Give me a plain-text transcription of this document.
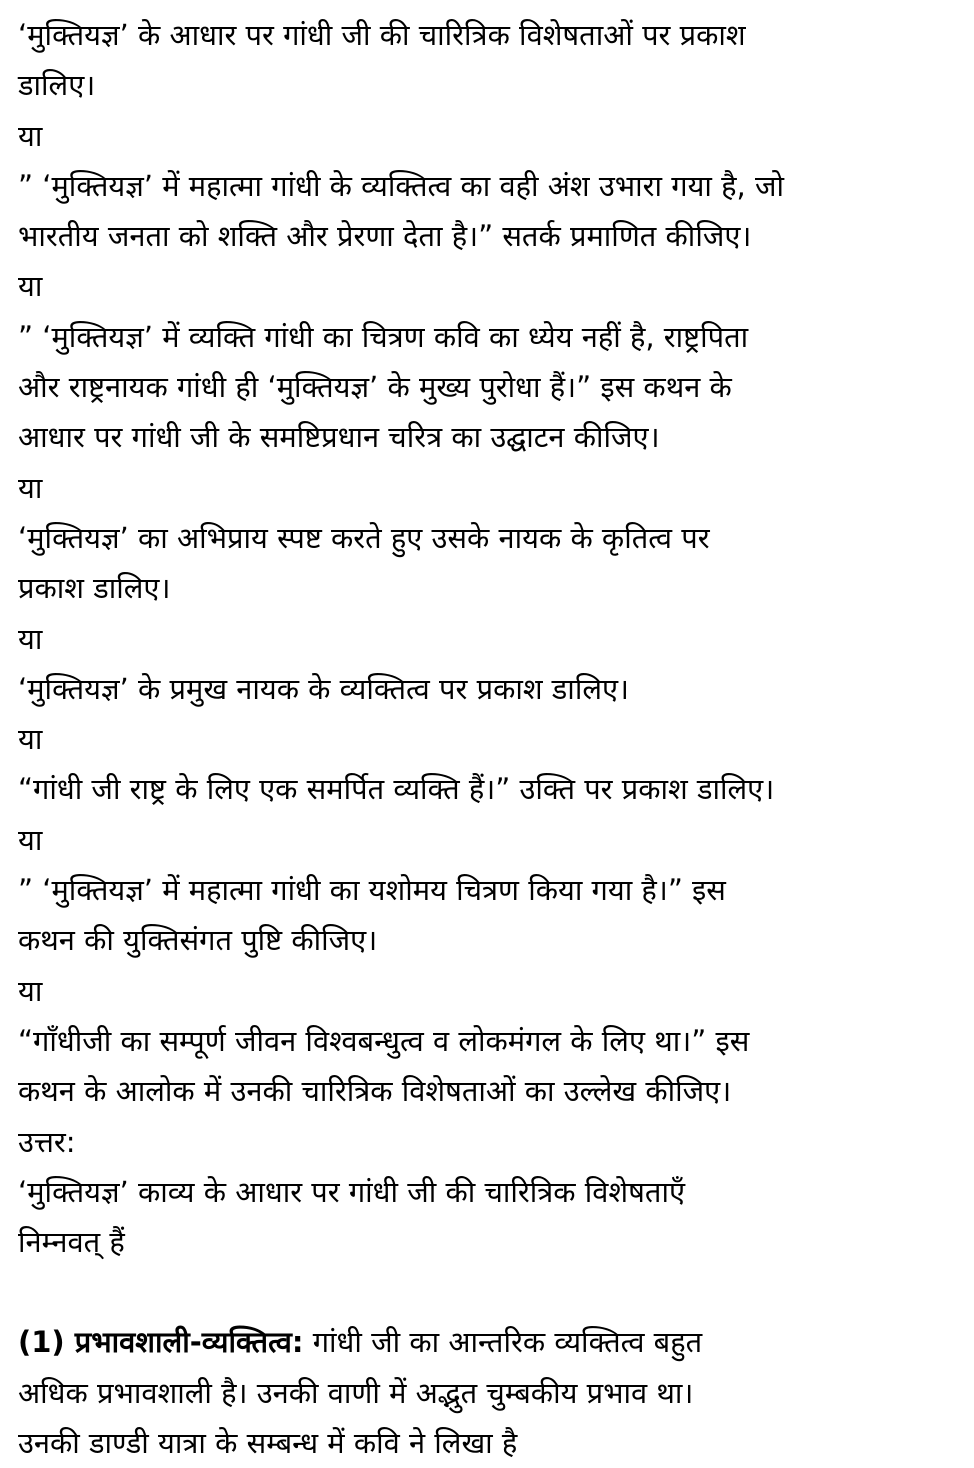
‘मुक्तियज्ञ’ के आधार पर गांधी जी की चारित्रिक विशेषताओं पर प्रकाश

डालिए।

या

” ‘मुक्तियज्ञ’ में महात्मा गांधी के व्यक्तित्व का वही अंश उभारा गया है, जो

भारतीय जनता को शक्ति और प्रेरणा देता है।” सतर्क प्रमाणित कीजिए।

या

” ‘मुक्तियज्ञ’ में व्यक्ति गांधी का चित्रण कवि का ध्येय नहीं है, राष्ट्रपिता

और राष्ट्रनायक गांधी ही ‘मुक्तियज्ञ’ के मुख्य पुरोधा हैं।” इस कथन के

आधार पर गांधी जी के समष्टिप्रधान चरित्र का उद्घाटन कीजिए।

या

‘मुक्तियज्ञ’ का अभिप्राय स्पष्ट करते हुए उसके नायक के कृतित्व पर

प्रकाश डालिए।

या

‘मुक्तियज्ञ’ के प्रमुख नायक के व्यक्तित्व पर प्रकाश डालिए।

या

“गांधी जी राष्ट्र के लिए एक समर्पित व्यक्ति हैं।” उक्ति पर प्रकाश डालिए।

या

” ‘मुक्तियज्ञ’ में महात्मा गांधी का यशोमय चित्रण किया गया है।” इस

कथन की युक्तिसंगत पुष्टि कीजिए।

या

“गाँधीजी का सम्पूर्ण जीवन विश्वबन्धुत्व व लोकमंगल के लिए था।” इस

कथन के आलोक में उनकी चारित्रिक विशेषताओं का उल्लेख कीजिए।

उत्तर:

‘मुक्तियज्ञ’ काव्य के आधार पर गांधी जी की चारित्रिक विशेषताएँ

निम्नवत् हैं

(1) प्रभावशाली-व्यक्तित्व: गांधी जी का आन्तरिक व्यक्तित्व बहुत

अधिक प्रभावशाली है। उनकी वाणी में अद्भुत चुम्बकीय प्रभाव था।

उनकी डाण्डी यात्रा के सम्बन्ध में कवि ने लिखा है
